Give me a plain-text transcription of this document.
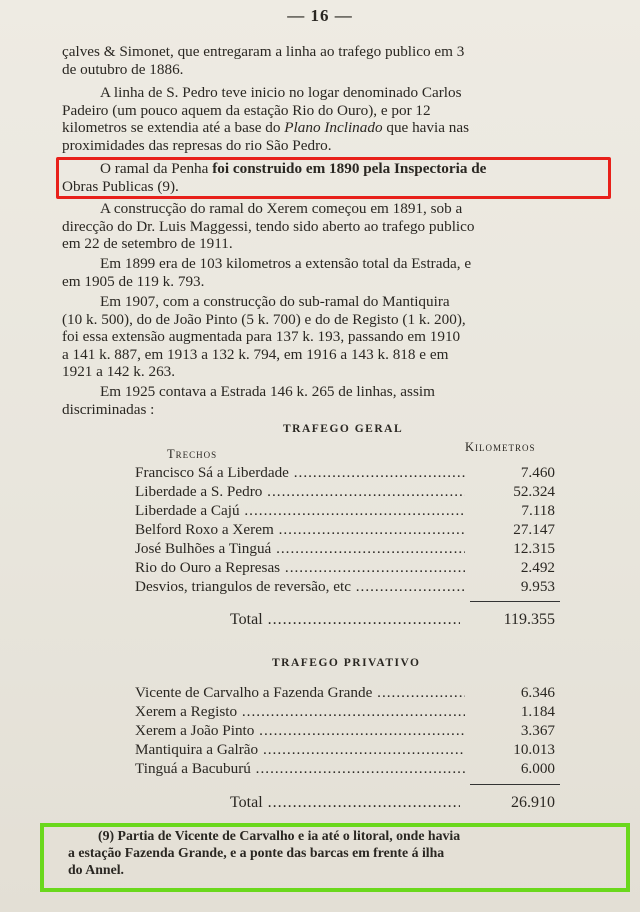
— 16 —
çalves & Simonet, que entregaram a linha ao trafego publico em 3
de outubro de 1886.
A linha de S. Pedro teve inicio no logar denominado Carlos
Padeiro (um pouco aquem da estação Rio do Ouro), e por 12
kilometros se extendia até a base do Plano Inclinado que havia nas
proximidades das represas do rio São Pedro.
O ramal da Penha foi construido em 1890 pela Inspectoria de
Obras Publicas (9).
A construcção do ramal do Xerem começou em 1891, sob a
direcção do Dr. Luis Maggessi, tendo sido aberto ao trafego publico
em 22 de setembro de 1911.
Em 1899 era de 103 kilometros a extensão total da Estrada, e
em 1905 de 119 k. 793.
Em 1907, com a construcção do sub-ramal do Mantiquira
(10 k. 500), do de João Pinto (5 k. 700) e do de Registo (1 k. 200),
foi essa extensão augmentada para 137 k. 193, passando em 1910
a 141 k. 887, em 1913 a 132 k. 794, em 1916 a 143 k. 818 e em
1921 a 142 k. 263.
Em 1925 contava a Estrada 146 k. 265 de linhas, assim
discriminadas :
TRAFEGO GERAL
Trechos	Kilometros
Francisco Sá a Liberdade .....	7.460
Liberdade a S. Pedro .....	52.324
Liberdade a Cajú .....	7.118
Belford Roxo a Xerem .....	27.147
José Bulhões a Tinguá .....	12.315
Rio do Ouro a Represas .....	2.492
Desvios, triangulos de reversão, etc .....	9.953
Total .....	119.355
TRAFEGO PRIVATIVO
Vicente de Carvalho a Fazenda Grande .....	6.346
Xerem a Registo .....	1.184
Xerem a João Pinto .....	3.367
Mantiquira a Galrão .....	10.013
Tinguá a Bacuburú .....	6.000
Total .....	26.910
(9) Partia de Vicente de Carvalho e ia até o litoral, onde havia
a estação Fazenda Grande, e a ponte das barcas em frente á ilha
do Annel.
